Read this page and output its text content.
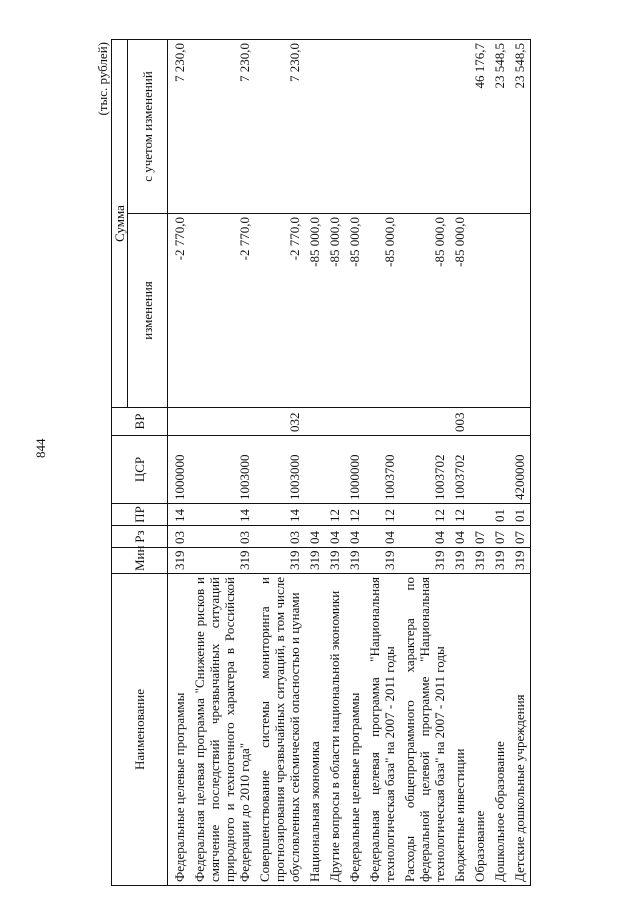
844
(тыс. рублей)
Наименование	Мин	Рз	ПР	ЦСР	ВР	Сумма	
						изменения	с учетом изменений
Федеральные целевые программы	319	03	14	1000000		-2 770,0	7 230,0
Федеральная целевая программа "Снижение рисков и смягчение последствий чрезвычайных ситуаций природного и техногенного характера в Российской Федерации до 2010 года"	319	03	14	1003000		-2 770,0	7 230,0
Совершенствование системы мониторинга и прогнозирования чрезвычайных ситуаций, в том числе обусловленных сейсмической опасностью и цунами	319	03	14	1003000	032	-2 770,0	7 230,0
Национальная экономика	319	04				-85 000,0	
Другие вопросы в области национальной экономики	319	04	12			-85 000,0	
Федеральные целевые программы	319	04	12	1000000		-85 000,0	
Федеральная целевая программа "Национальная технологическая база" на 2007 - 2011 годы	319	04	12	1003700		-85 000,0	
Расходы общепрограммного характера по федеральной целевой программе "Национальная технологическая база" на 2007 - 2011 годы	319	04	12	1003702		-85 000,0	
Бюджетные инвестиции	319	04	12	1003702	003	-85 000,0	
Образование	319	07					46 176,7
Дошкольное образование	319	07	01				23 548,5
Детские дошкольные учреждения	319	07	01	4200000			23 548,5
